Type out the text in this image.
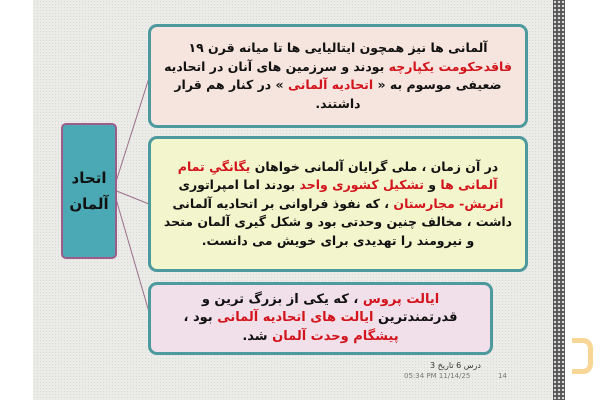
اتحاد
آلمان

آلمانی ها نیز همچون ایتالیایی ها تا میانه قرن ۱۹ فاقدحکومت یکپارچه بودند و سرزمین های آنان در اتحادیه ضعیفی موسوم به « اتحادیه آلمانی » در کنار هم قرار داشتند.

در آن زمان ، ملی گرایان آلمانی خواهان یگانگیِ تمام آلمانی ها و تشکیل کشوری واحد بودند اما امپراتوری اتریش- مجارستان ، که نفوذ فراوانی بر اتحادیه آلمانی داشت ، مخالف چنین وحدتی بود و شکل گیری آلمان متحد و نیرومند را تهدیدی برای خویش می دانست.

ایالت پروس ، که یکی از بزرگ ترین و قدرتمندترین ایالت های اتحادیه آلمانی بود ، پیشگام وحدت آلمان شد.

درس 6 تاریخ 3
05:34 PM 11/14/25	14
